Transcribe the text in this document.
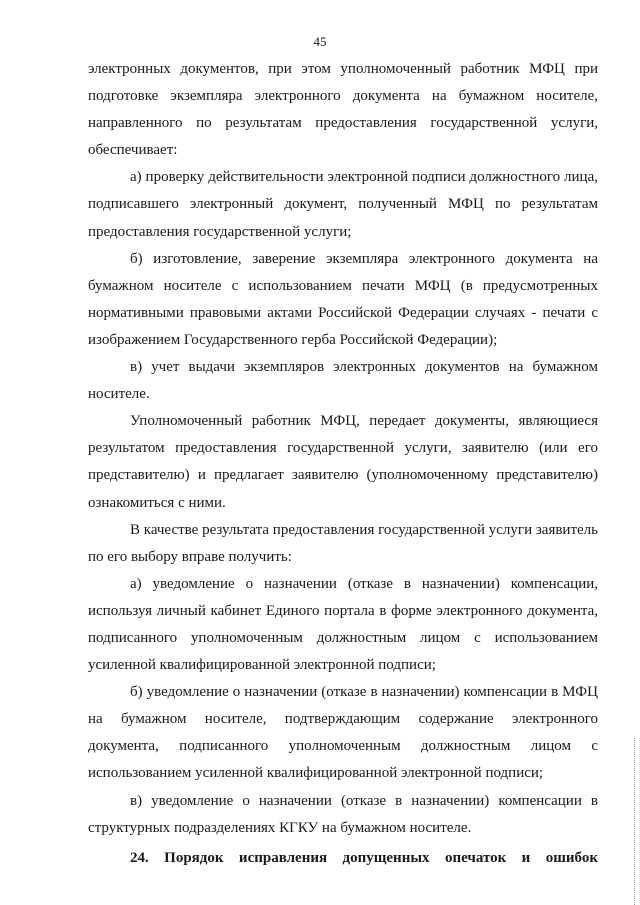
45

электронных документов, при этом уполномоченный работник МФЦ при подготовке экземпляра электронного документа на бумажном носителе, направленного по результатам предоставления государственной услуги, обеспечивает:

а) проверку действительности электронной подписи должностного лица, подписавшего электронный документ, полученный МФЦ по результатам предоставления государственной услуги;

б) изготовление, заверение экземпляра электронного документа на бумажном носителе с использованием печати МФЦ (в предусмотренных нормативными правовыми актами Российской Федерации случаях - печати с изображением Государственного герба Российской Федерации);

в) учет выдачи экземпляров электронных документов на бумажном носителе.

Уполномоченный работник МФЦ, передает документы, являющиеся результатом предоставления государственной услуги, заявителю (или его представителю) и предлагает заявителю (уполномоченному представителю) ознакомиться с ними.

В качестве результата предоставления государственной услуги заявитель по его выбору вправе получить:

а) уведомление о назначении (отказе в назначении) компенсации, используя личный кабинет Единого портала в форме электронного документа, подписанного уполномоченным должностным лицом с использованием усиленной квалифицированной электронной подписи;

б) уведомление о назначении (отказе в назначении) компенсации в МФЦ на бумажном носителе, подтверждающим содержание электронного документа, подписанного уполномоченным должностным лицом с использованием усиленной квалифицированной электронной подписи;

в) уведомление о назначении (отказе в назначении) компенсации в структурных подразделениях КГКУ на бумажном носителе.

24. Порядок исправления допущенных опечаток и ошибок
